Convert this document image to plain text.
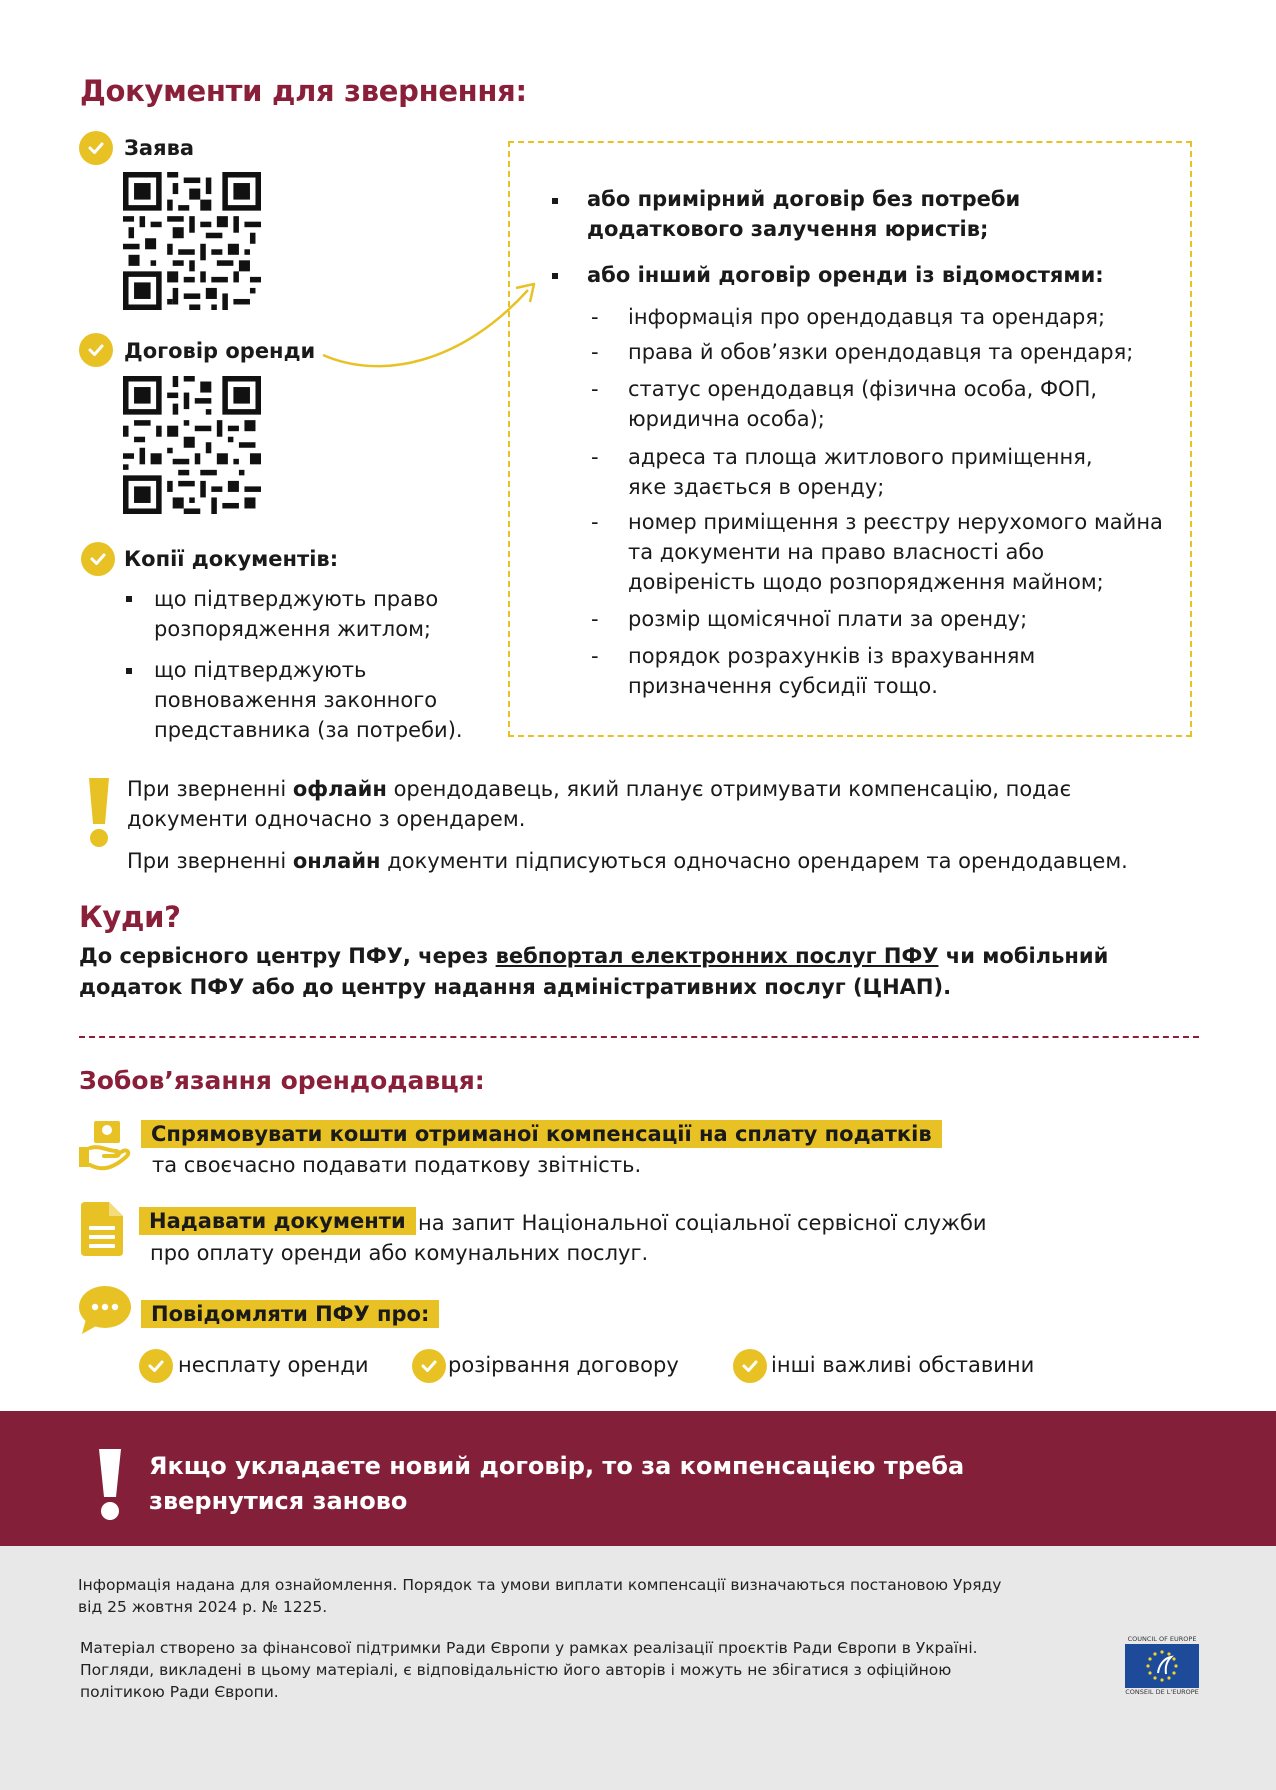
Документи для звернення:
Заява
Договір оренди
Копії документів:
що підтверджують право розпорядження житлом;
що підтверджують повноваження законного представника (за потреби).
або примірний договір без потреби додаткового залучення юристів;
або інший договір оренди із відомостями:
- інформація про орендодавця та орендаря;
- права й обов’язки орендодавця та орендаря;
- статус орендодавця (фізична особа, ФОП, юридична особа);
- адреса та площа житлового приміщення, яке здається в оренду;
- номер приміщення з реєстру нерухомого майна та документи на право власності або довіреність щодо розпорядження майном;
- розмір щомісячної плати за оренду;
- порядок розрахунків із врахуванням призначення субсидії тощо.
При зверненні офлайн орендодавець, який планує отримувати компенсацію, подає документи одночасно з орендарем.
При зверненні онлайн документи підписуються одночасно орендарем та орендодавцем.
Куди?
До сервісного центру ПФУ, через вебпортал електронних послуг ПФУ чи мобільний додаток ПФУ або до центру надання адміністративних послуг (ЦНАП).
Зобов’язання орендодавця:
Спрямовувати кошти отриманої компенсації на сплату податків
та своєчасно подавати податкову звітність.
Надавати документи на запит Національної соціальної сервісної служби
про оплату оренди або комунальних послуг.
Повідомляти ПФУ про:
несплату оренди	розірвання договору	інші важливі обставини
Якщо укладаєте новий договір, то за компенсацією треба
звернутися заново
Інформація надана для ознайомлення. Порядок та умови виплати компенсації визначаються постановою Уряду
від 25 жовтня 2024 р. № 1225.
Матеріал створено за фінансової підтримки Ради Європи у рамках реалізації проєктів Ради Європи в Україні.
Погляди, викладені в цьому матеріалі, є відповідальністю його авторів і можуть не збігатися з офіційною
політикою Ради Європи.
COUNCIL OF EUROPE
CONSEIL DE L'EUROPE
